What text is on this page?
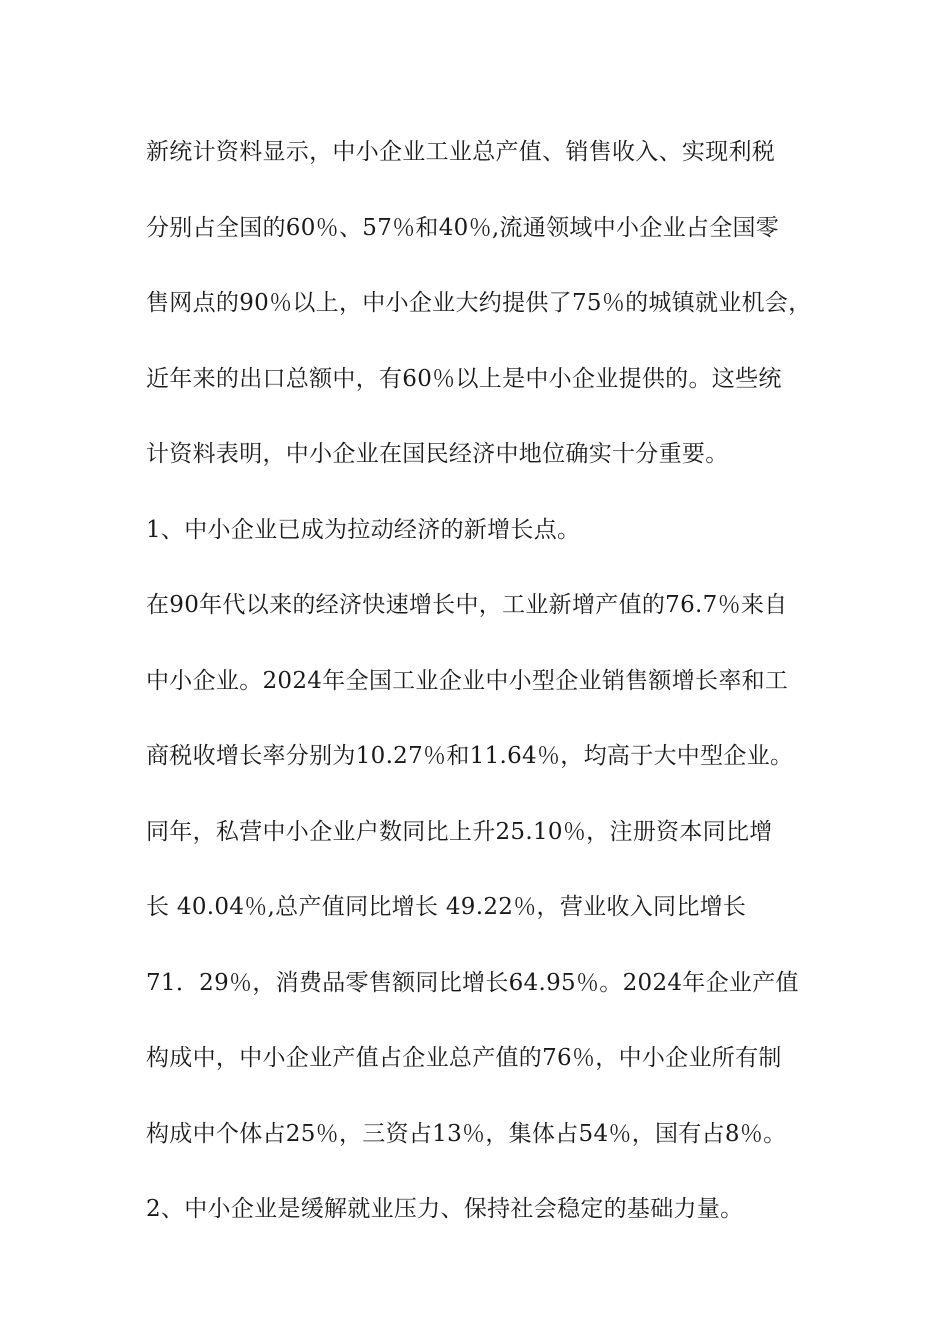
新统计资料显示，中小企业工业总产值、销售收入、实现利税
分别占全国的60％、57％和40％,流通领域中小企业占全国零
售网点的90％以上，中小企业大约提供了75％的城镇就业机会，
近年来的出口总额中，有60％以上是中小企业提供的。这些统
计资料表明，中小企业在国民经济中地位确实十分重要。
1、中小企业已成为拉动经济的新增长点。
在90年代以来的经济快速增长中，工业新增产值的76.7％来自
中小企业。2024年全国工业企业中小型企业销售额增长率和工
商税收增长率分别为10.27％和11.64％，均高于大中型企业。
同年，私营中小企业户数同比上升25.10％，注册资本同比增
长 40.04％,总产值同比增长 49.22％，营业收入同比增长
71．29％，消费品零售额同比增长64.95％。2024年企业产值
构成中，中小企业产值占企业总产值的76％，中小企业所有制
构成中个体占25％，三资占13％，集体占54％，国有占8％。
2、中小企业是缓解就业压力、保持社会稳定的基础力量。
